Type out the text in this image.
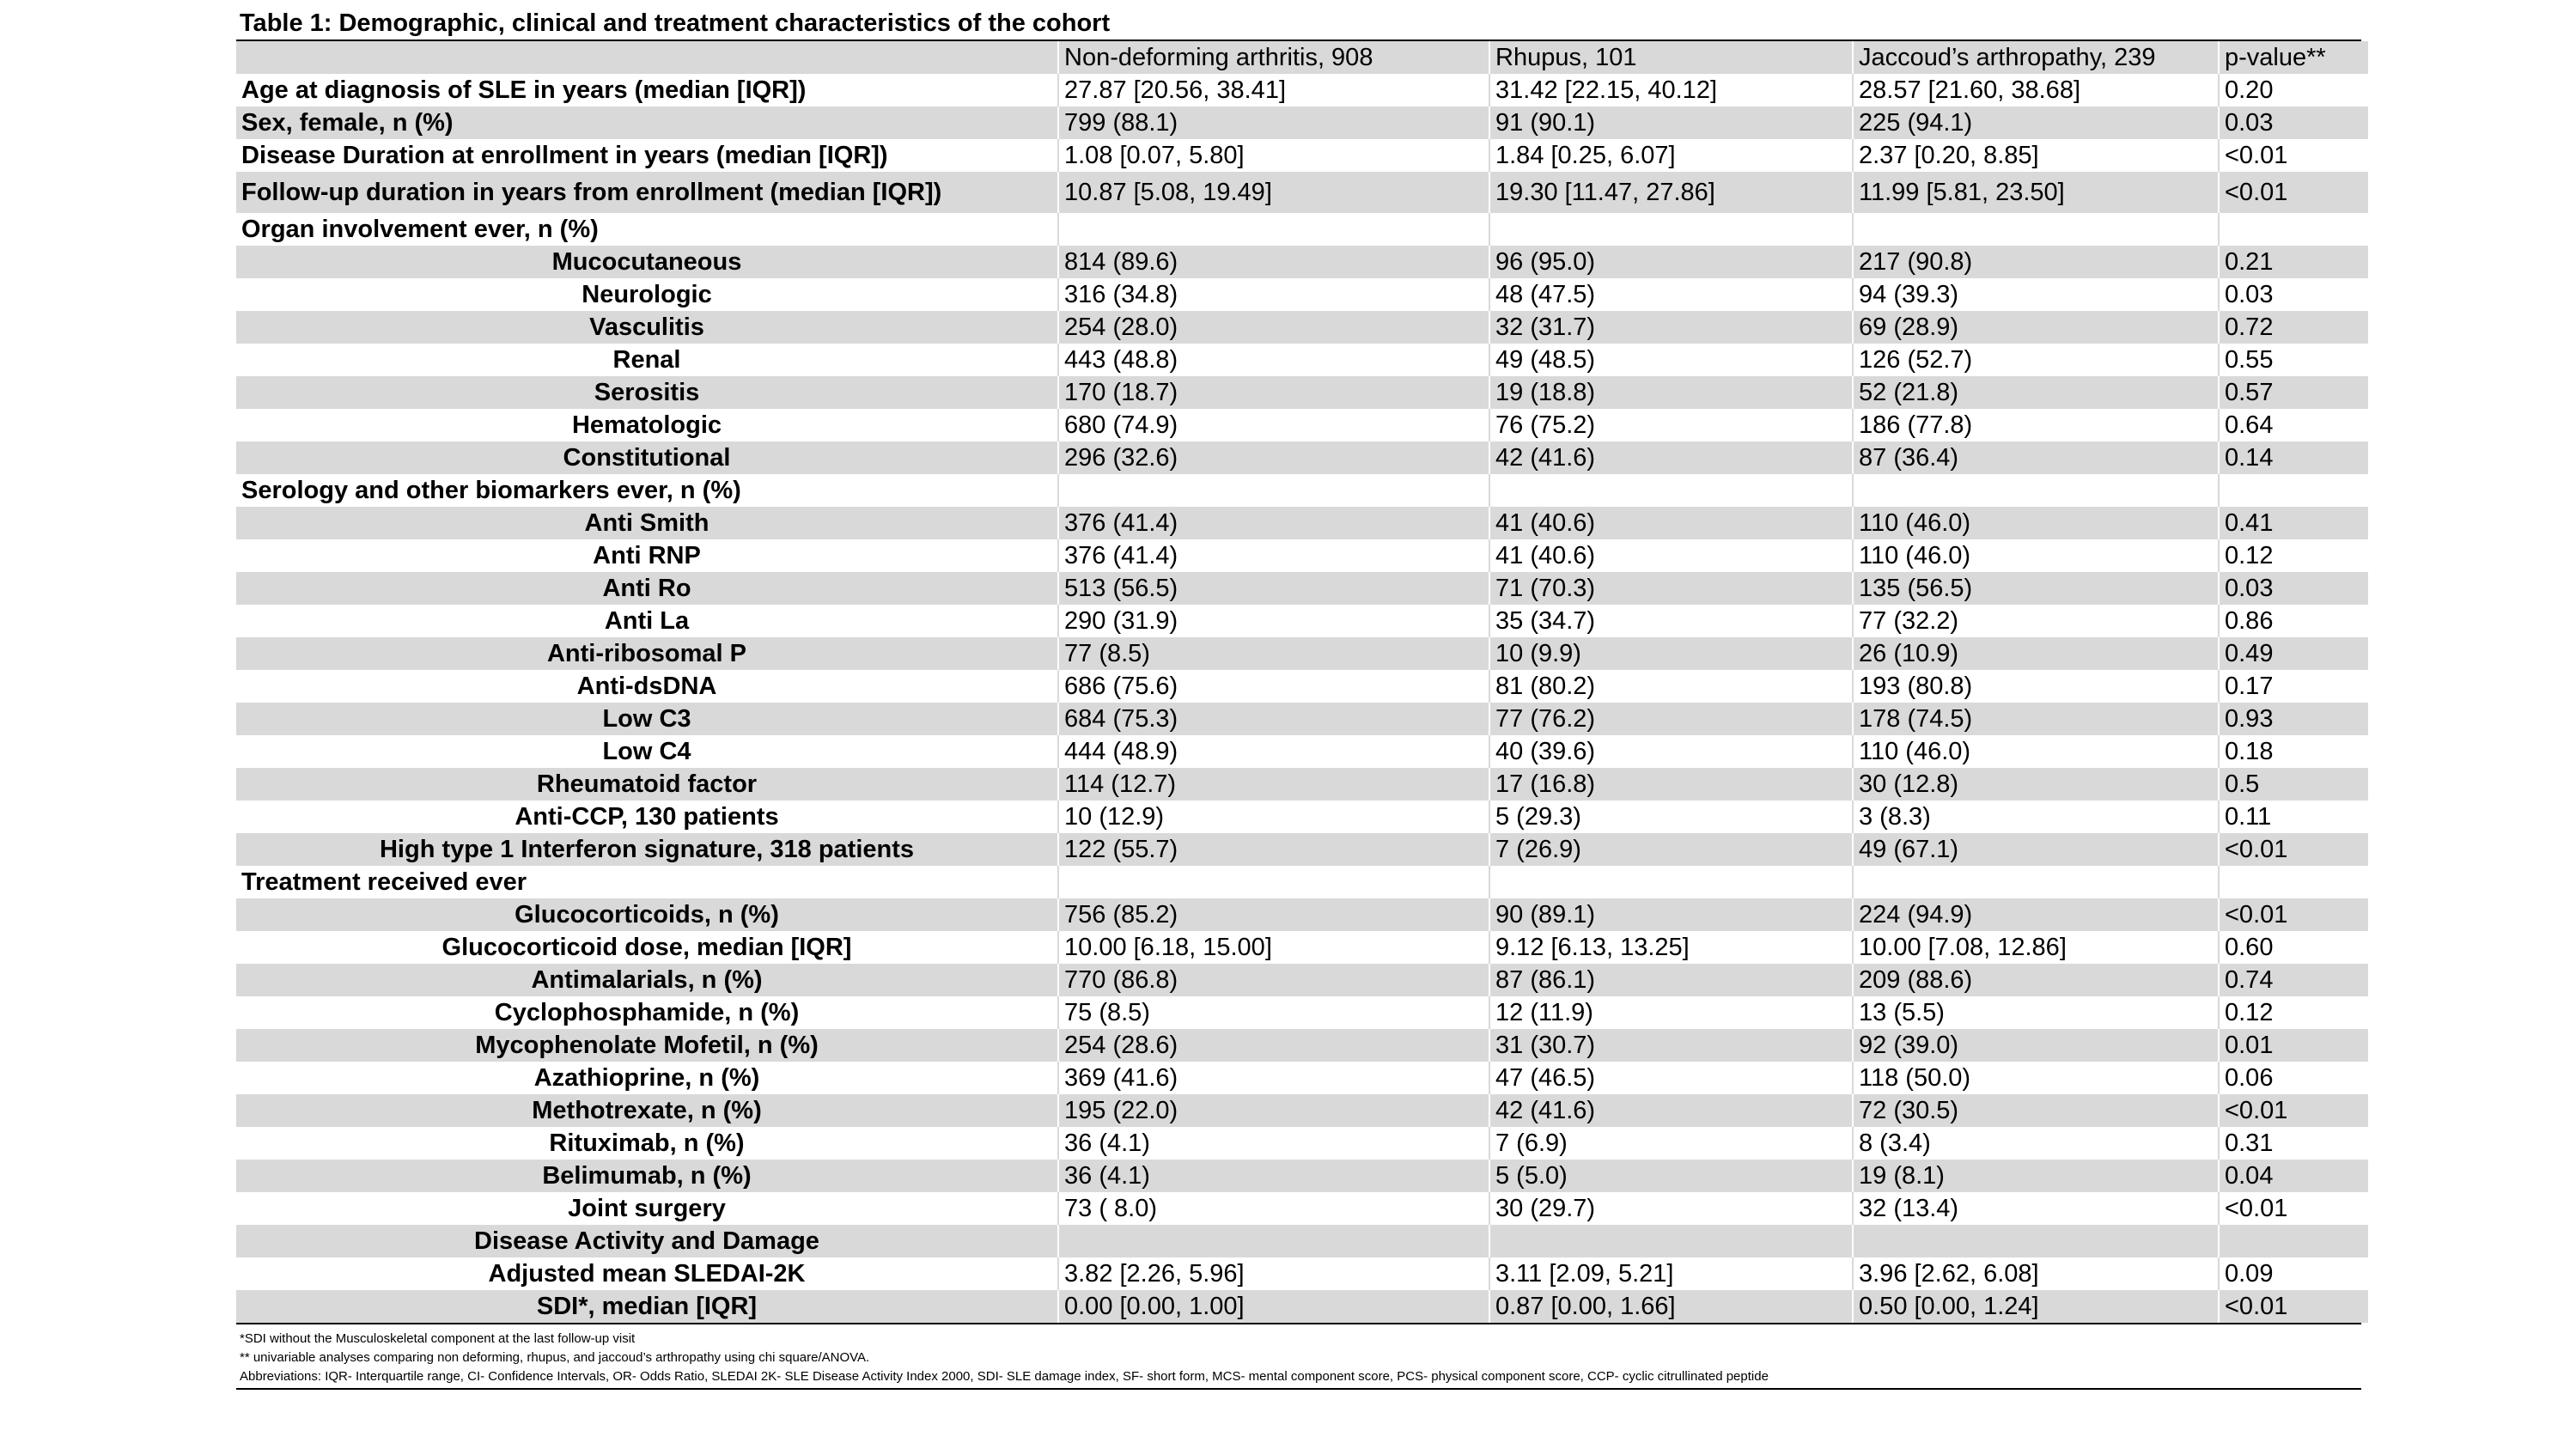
Table 1: Demographic, clinical and treatment characteristics of the cohort
	Non-deforming arthritis, 908	Rhupus, 101	Jaccoud’s arthropathy, 239	p-value**
Age at diagnosis of SLE in years (median [IQR])	27.87 [20.56, 38.41]	31.42 [22.15, 40.12]	28.57 [21.60, 38.68]	0.20
Sex, female, n (%)	799 (88.1)	91 (90.1)	225 (94.1)	0.03
Disease Duration at enrollment in years (median [IQR])	1.08 [0.07, 5.80]	1.84 [0.25, 6.07]	2.37 [0.20, 8.85]	<0.01
Follow-up duration in years from enrollment (median [IQR])	10.87 [5.08, 19.49]	19.30 [11.47, 27.86]	11.99 [5.81, 23.50]	<0.01
Organ involvement ever, n (%)				
Mucocutaneous	814 (89.6)	96 (95.0)	217 (90.8)	0.21
Neurologic	316 (34.8)	48 (47.5)	94 (39.3)	0.03
Vasculitis	254 (28.0)	32 (31.7)	69 (28.9)	0.72
Renal	443 (48.8)	49 (48.5)	126 (52.7)	0.55
Serositis	170 (18.7)	19 (18.8)	52 (21.8)	0.57
Hematologic	680 (74.9)	76 (75.2)	186 (77.8)	0.64
Constitutional	296 (32.6)	42 (41.6)	87 (36.4)	0.14
Serology and other biomarkers ever, n (%)				
Anti Smith	376 (41.4)	41 (40.6)	110 (46.0)	0.41
Anti RNP	376 (41.4)	41 (40.6)	110 (46.0)	0.12
Anti Ro	513 (56.5)	71 (70.3)	135 (56.5)	0.03
Anti La	290 (31.9)	35 (34.7)	77 (32.2)	0.86
Anti-ribosomal P	77 (8.5)	10 (9.9)	26 (10.9)	0.49
Anti-dsDNA	686 (75.6)	81 (80.2)	193 (80.8)	0.17
Low C3	684 (75.3)	77 (76.2)	178 (74.5)	0.93
Low C4	444 (48.9)	40 (39.6)	110 (46.0)	0.18
Rheumatoid factor	114 (12.7)	17 (16.8)	30 (12.8)	0.5
Anti-CCP, 130 patients	10 (12.9)	5 (29.3)	3 (8.3)	0.11
High type 1 Interferon signature, 318 patients	122 (55.7)	7 (26.9)	49 (67.1)	<0.01
Treatment received ever				
Glucocorticoids, n (%)	756 (85.2)	90 (89.1)	224 (94.9)	<0.01
Glucocorticoid dose, median [IQR]	10.00 [6.18, 15.00]	9.12 [6.13, 13.25]	10.00 [7.08, 12.86]	0.60
Antimalarials, n (%)	770 (86.8)	87 (86.1)	209 (88.6)	0.74
Cyclophosphamide, n (%)	75 (8.5)	12 (11.9)	13 (5.5)	0.12
Mycophenolate Mofetil, n (%)	254 (28.6)	31 (30.7)	92 (39.0)	0.01
Azathioprine, n (%)	369 (41.6)	47 (46.5)	118 (50.0)	0.06
Methotrexate, n (%)	195 (22.0)	42 (41.6)	72 (30.5)	<0.01
Rituximab, n (%)	36 (4.1)	7 (6.9)	8 (3.4)	0.31
Belimumab, n (%)	36 (4.1)	5 (5.0)	19 (8.1)	0.04
Joint surgery	73 ( 8.0)	30 (29.7)	32 (13.4)	<0.01
Disease Activity and Damage				
Adjusted mean SLEDAI-2K	3.82 [2.26, 5.96]	3.11 [2.09, 5.21]	3.96 [2.62, 6.08]	0.09
SDI*, median [IQR]	0.00 [0.00, 1.00]	0.87 [0.00, 1.66]	0.50 [0.00, 1.24]	<0.01
*SDI without the Musculoskeletal component at the last follow-up visit
** univariable analyses comparing non deforming, rhupus, and jaccoud’s arthropathy using chi square/ANOVA.
Abbreviations: IQR- Interquartile range, CI- Confidence Intervals, OR- Odds Ratio, SLEDAI 2K- SLE Disease Activity Index 2000, SDI- SLE damage index, SF- short form, MCS- mental component score, PCS- physical component score, CCP- cyclic citrullinated peptide
